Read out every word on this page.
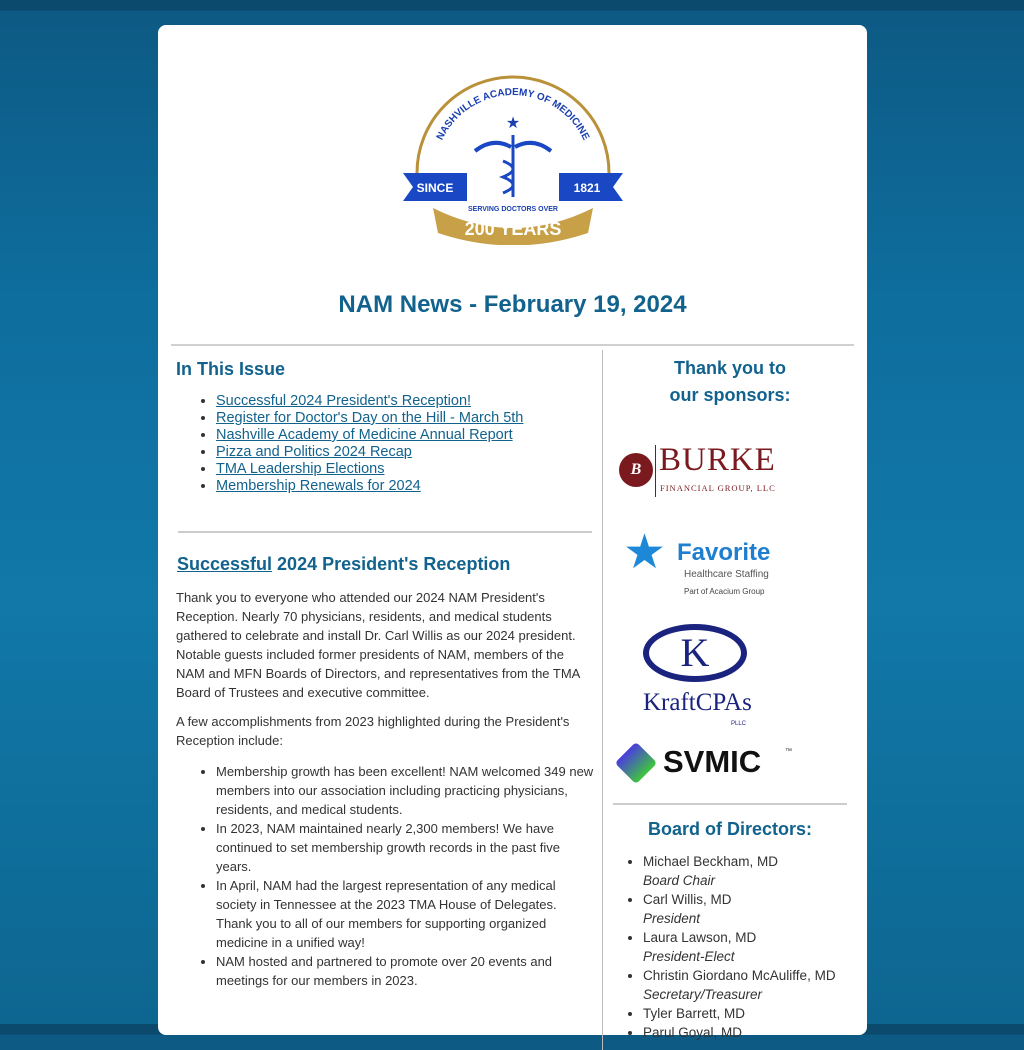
SINCE	1821
★
SERVING DOCTORS OVER
200 YEARS
NASHVILLE ACADEMY OF MEDICINE
NAM News - February 19, 2024
In This Issue
• Successful 2024 President's Reception!
• Register for Doctor's Day on the Hill - March 5th
• Nashville Academy of Medicine Annual Report
• Pizza and Politics 2024 Recap
• TMA Leadership Elections
• Membership Renewals for 2024
Successful 2024 President's Reception

Thank you to everyone who attended our 2024 NAM President's Reception. Nearly 70 physicians, residents, and medical students gathered to celebrate and install Dr. Carl Willis as our 2024 president. Notable guests included former presidents of NAM, members of the NAM and MFN Boards of Directors, and representatives from the TMA Board of Trustees and executive committee.

A few accomplishments from 2023 highlighted during the President's Reception include:

• Membership growth has been excellent! NAM welcomed 349 new members into our association including practicing physicians, residents, and medical students.
• In 2023, NAM maintained nearly 2,300 members! We have continued to set membership growth records in the past five years.
• In April, NAM had the largest representation of any medical society in Tennessee at the 2023 TMA House of Delegates. Thank you to all of our members for supporting organized medicine in a unified way!
• NAM hosted and partnered to promote over 20 events and meetings for our members in 2023.
Thank you to
our sponsors:
B BURKE
FINANCIAL GROUP, LLC
★ Favorite
Healthcare Staffing
Part of Acacium Group
K
KraftCPAs
PLLC
SVMIC	™
Board of Directors:
• Michael Beckham, MD
Board Chair
• Carl Willis, MD
President
• Laura Lawson, MD
President-Elect
• Christin Giordano McAuliffe, MD
Secretary/Treasurer
• Tyler Barrett, MD
• Parul Goyal, MD
